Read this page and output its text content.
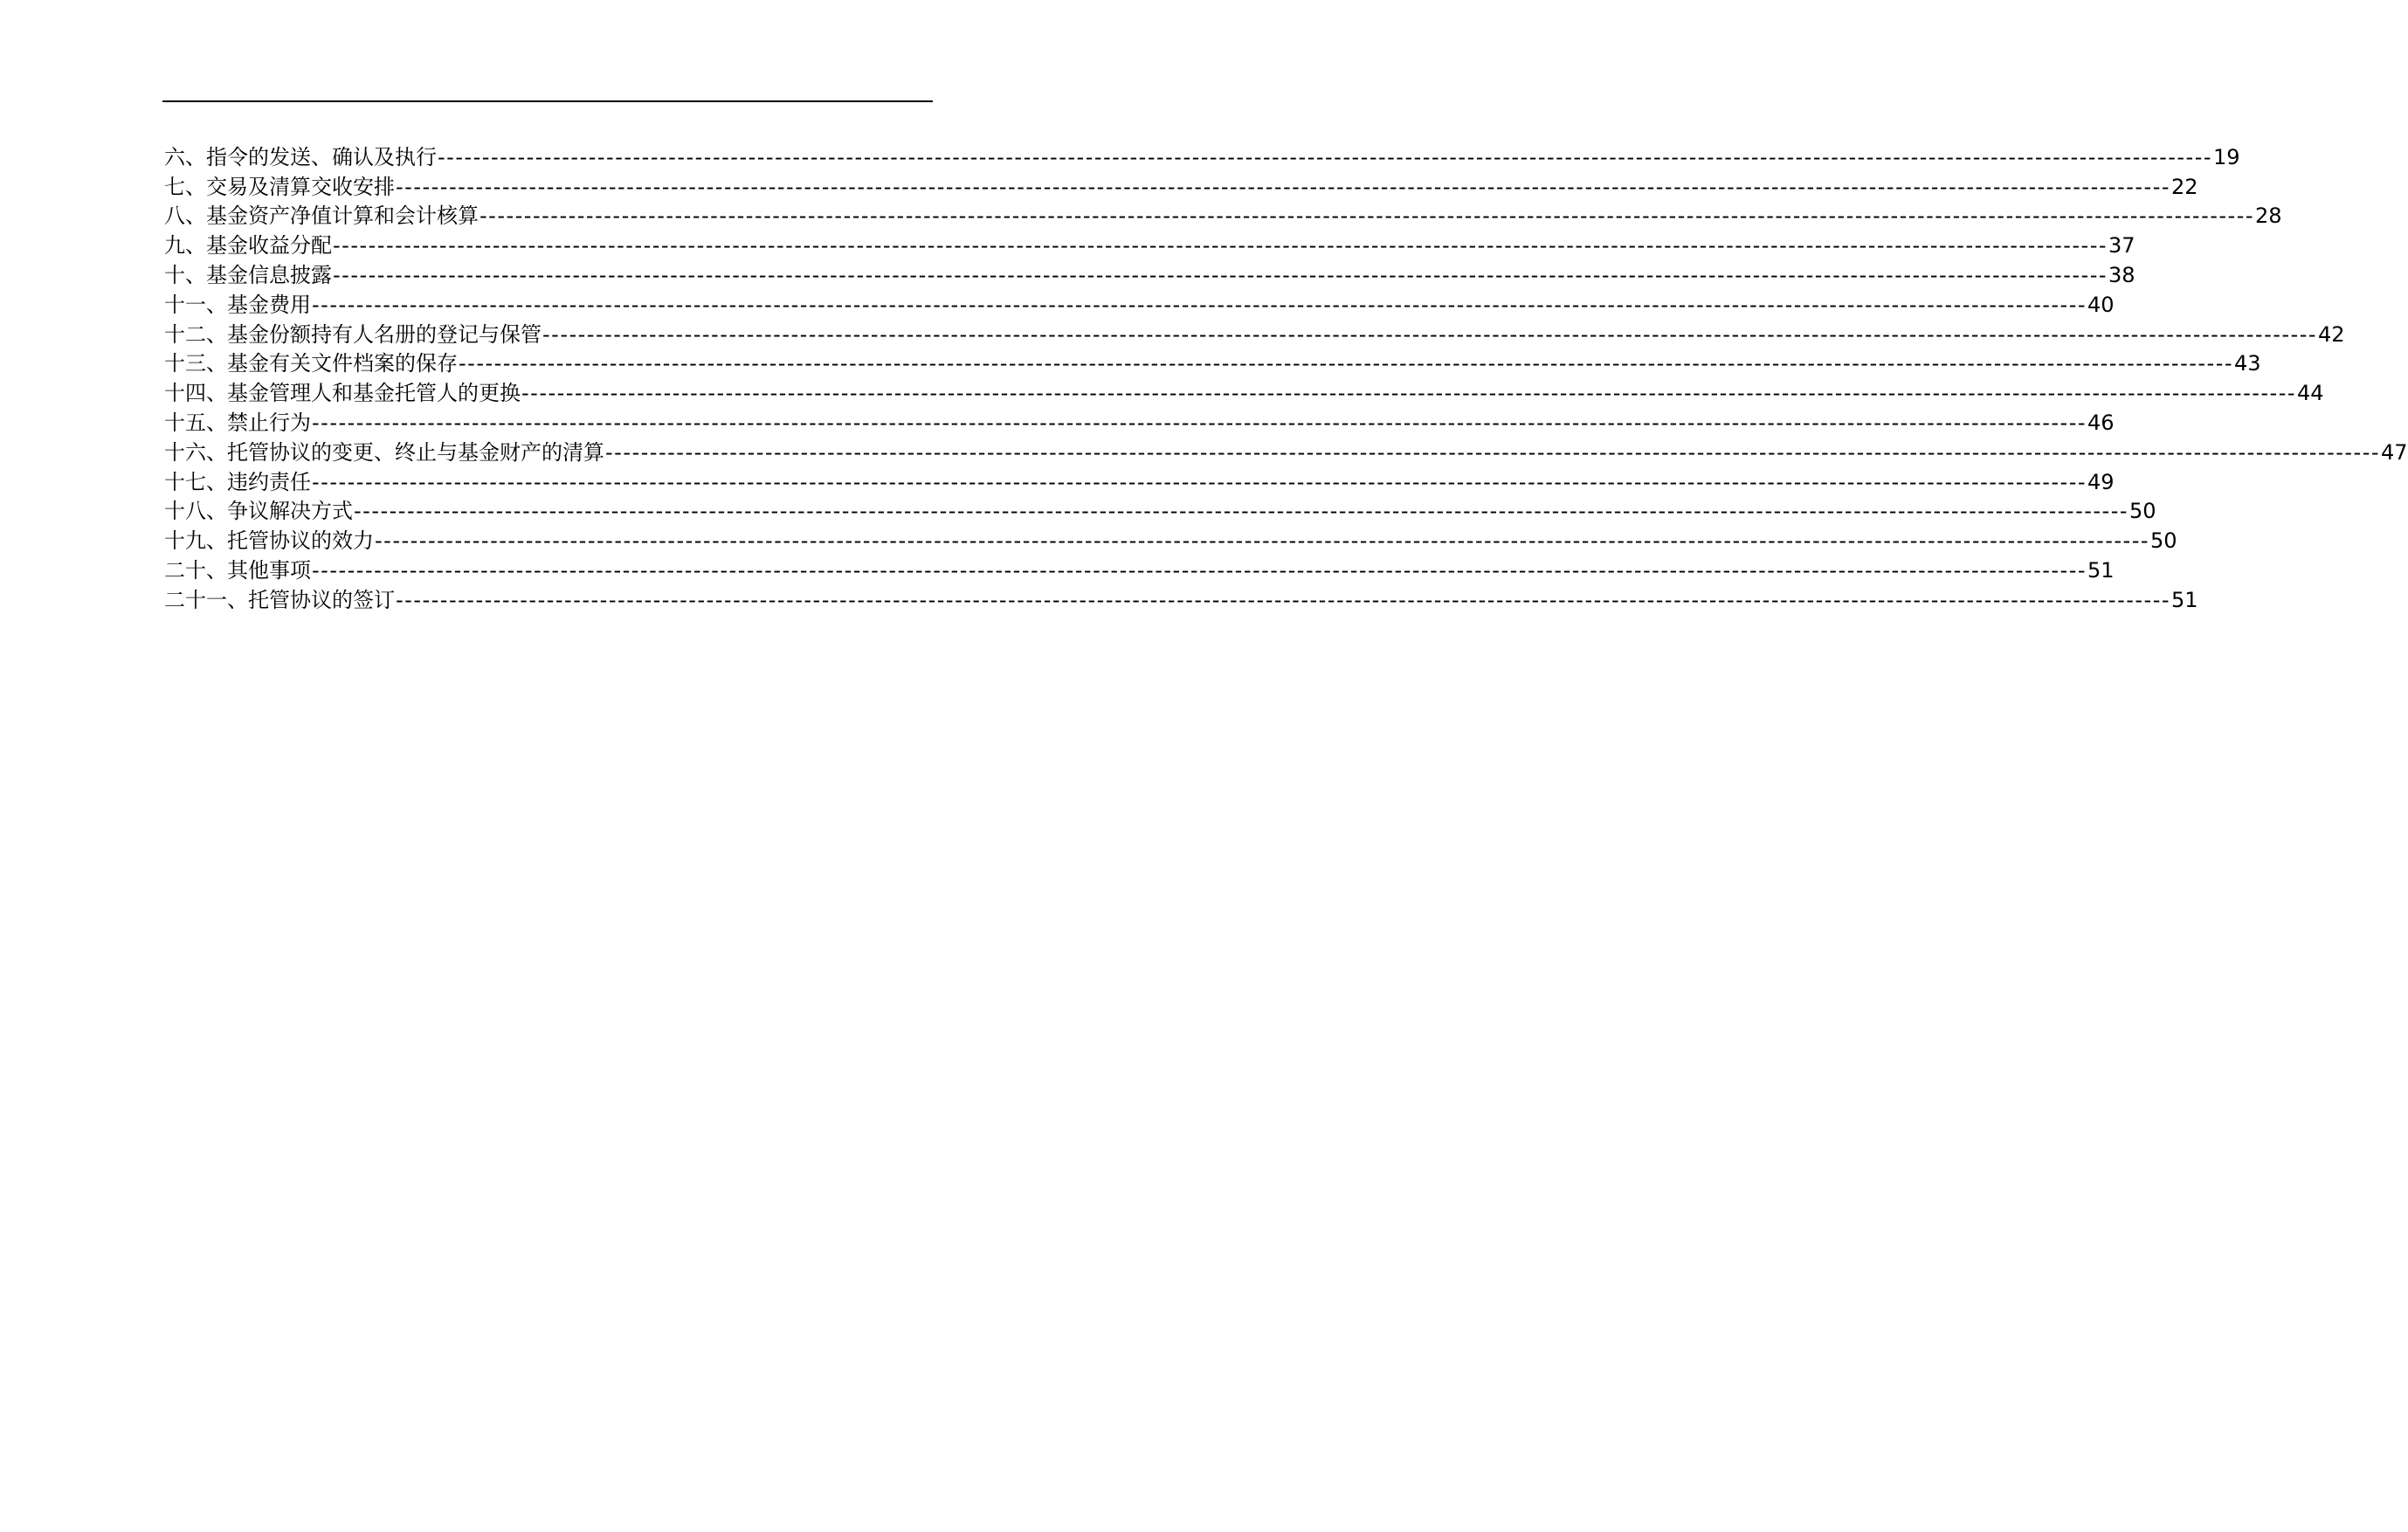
六、指令的发送、确认及执行 -------------------------------------------------------------------------------------------------------------------------------------------------------------------------------------------------------- 19
七、交易及清算交收安排 -------------------------------------------------------------------------------------------------------------------------------------------------------------------------------------------------------- 22
八、基金资产净值计算和会计核算 -------------------------------------------------------------------------------------------------------------------------------------------------------------------------------------------------------- 28
九、基金收益分配 -------------------------------------------------------------------------------------------------------------------------------------------------------------------------------------------------------- 37
十、基金信息披露 -------------------------------------------------------------------------------------------------------------------------------------------------------------------------------------------------------- 38
十一、基金费用 -------------------------------------------------------------------------------------------------------------------------------------------------------------------------------------------------------- 40
十二、基金份额持有人名册的登记与保管 -------------------------------------------------------------------------------------------------------------------------------------------------------------------------------------------------------- 42
十三、基金有关文件档案的保存 -------------------------------------------------------------------------------------------------------------------------------------------------------------------------------------------------------- 43
十四、基金管理人和基金托管人的更换 -------------------------------------------------------------------------------------------------------------------------------------------------------------------------------------------------------- 44
十五、禁止行为 -------------------------------------------------------------------------------------------------------------------------------------------------------------------------------------------------------- 46
十六、托管协议的变更、终止与基金财产的清算 -------------------------------------------------------------------------------------------------------------------------------------------------------------------------------------------------------- 47
十七、违约责任 -------------------------------------------------------------------------------------------------------------------------------------------------------------------------------------------------------- 49
十八、争议解决方式 -------------------------------------------------------------------------------------------------------------------------------------------------------------------------------------------------------- 50
十九、托管协议的效力 -------------------------------------------------------------------------------------------------------------------------------------------------------------------------------------------------------- 50
二十、其他事项 -------------------------------------------------------------------------------------------------------------------------------------------------------------------------------------------------------- 51
二十一、托管协议的签订 -------------------------------------------------------------------------------------------------------------------------------------------------------------------------------------------------------- 51
